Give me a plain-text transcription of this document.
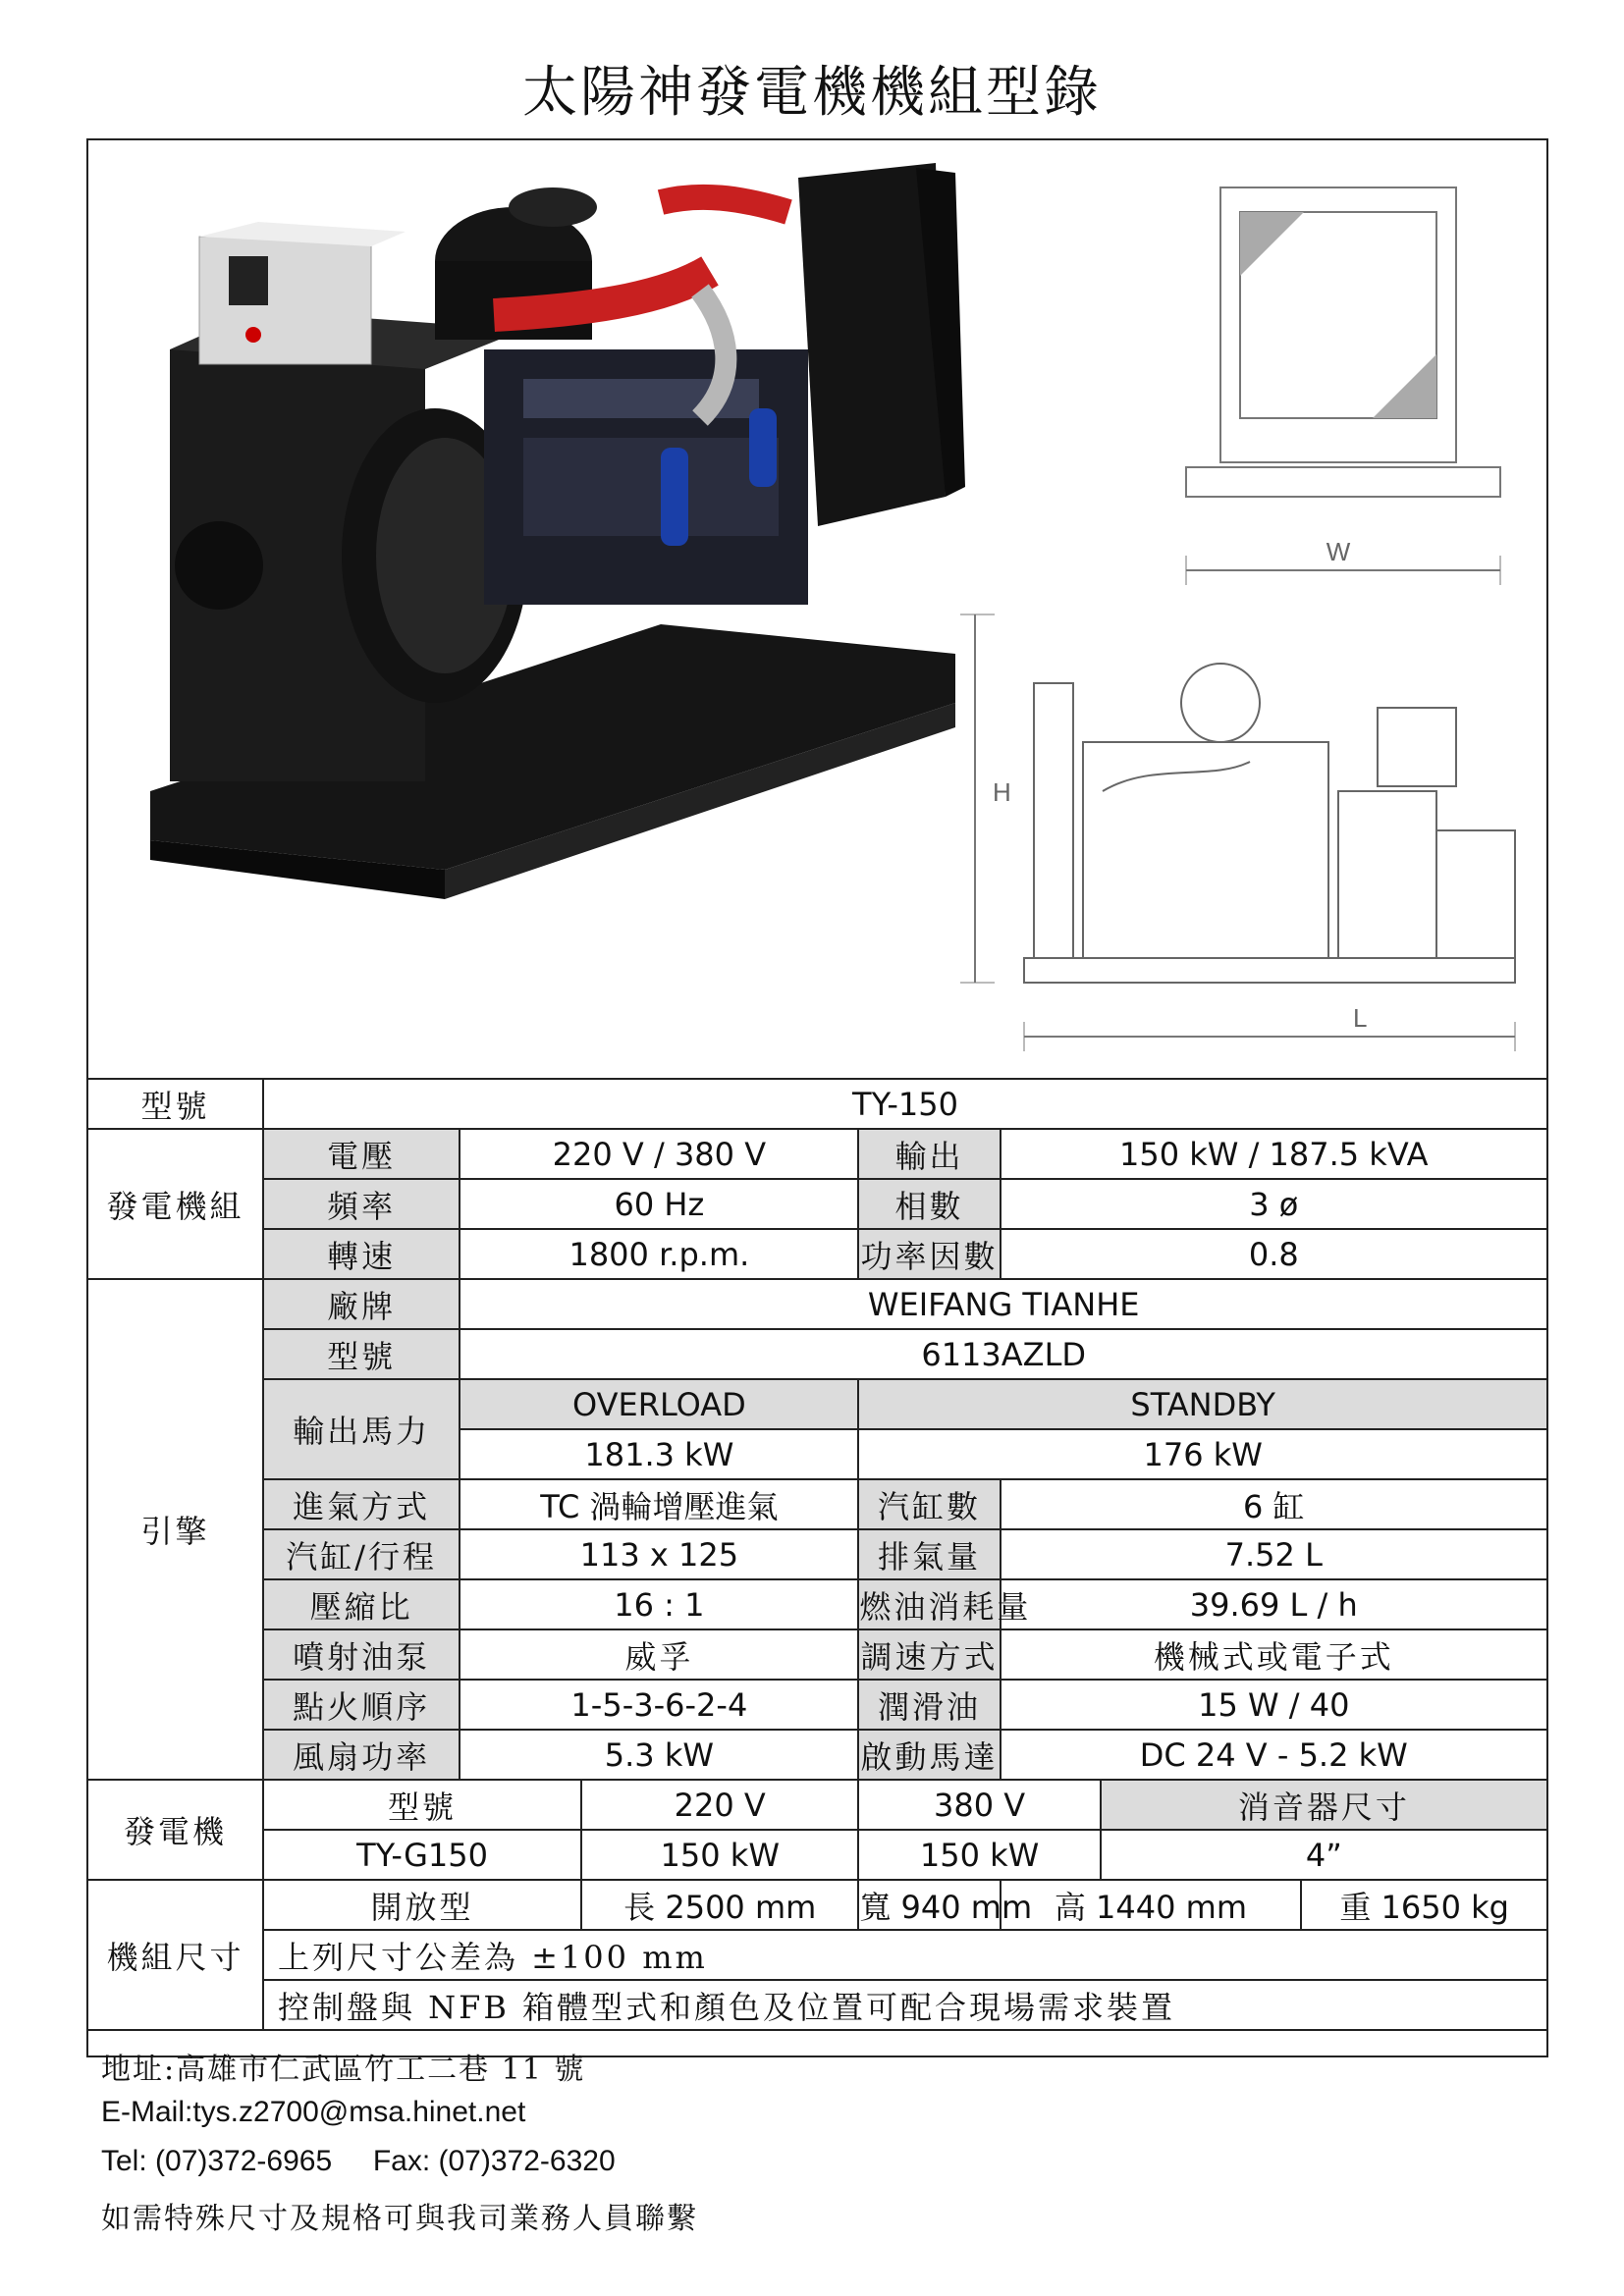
太陽神發電機機組型錄
W
H
L
型號	TY-150						
發電機組	電壓	220 V / 380 V		輸出	150 kW / 187.5 kVA		
	頻率	60 Hz		相數	3 ø		
	轉速	1800 r.p.m.		功率因數	0.8		
引擎	廠牌	WEIFANG TIANHE					
	型號	6113AZLD					
	輸出馬力	OVERLOAD		STANDBY			
		181.3 kW		176 kW			
	進氣方式	TC 渦輪增壓進氣		汽缸數	6 缸		
	汽缸/行程	113 x 125		排氣量	7.52 L		
	壓縮比	16 : 1		燃油消耗量	39.69 L / h		
	噴射油泵	威孚		調速方式	機械式或電子式		
	點火順序	1-5-3-6-2-4		潤滑油	15 W / 40		
	風扇功率	5.3 kW		啟動馬達	DC 24 V - 5.2 kW		
發電機	型號		220 V	380 V		消音器尺寸	
	TY-G150		150 kW	150 kW		4”	
機組尺寸	開放型		長 2500 mm	寬 940 mm	高 1440 mm		重 1650 kg
	上列尺寸公差為 ±100 mm						
	控制盤與 NFB 箱體型式和顏色及位置可配合現場需求裝置						
地址:高雄市仁武區竹工二巷 11 號
E-Mail:tys.z2700@msa.hinet.net
Tel: (07)372-6965     Fax: (07)372-6320
如需特殊尺寸及規格可與我司業務人員聯繫
